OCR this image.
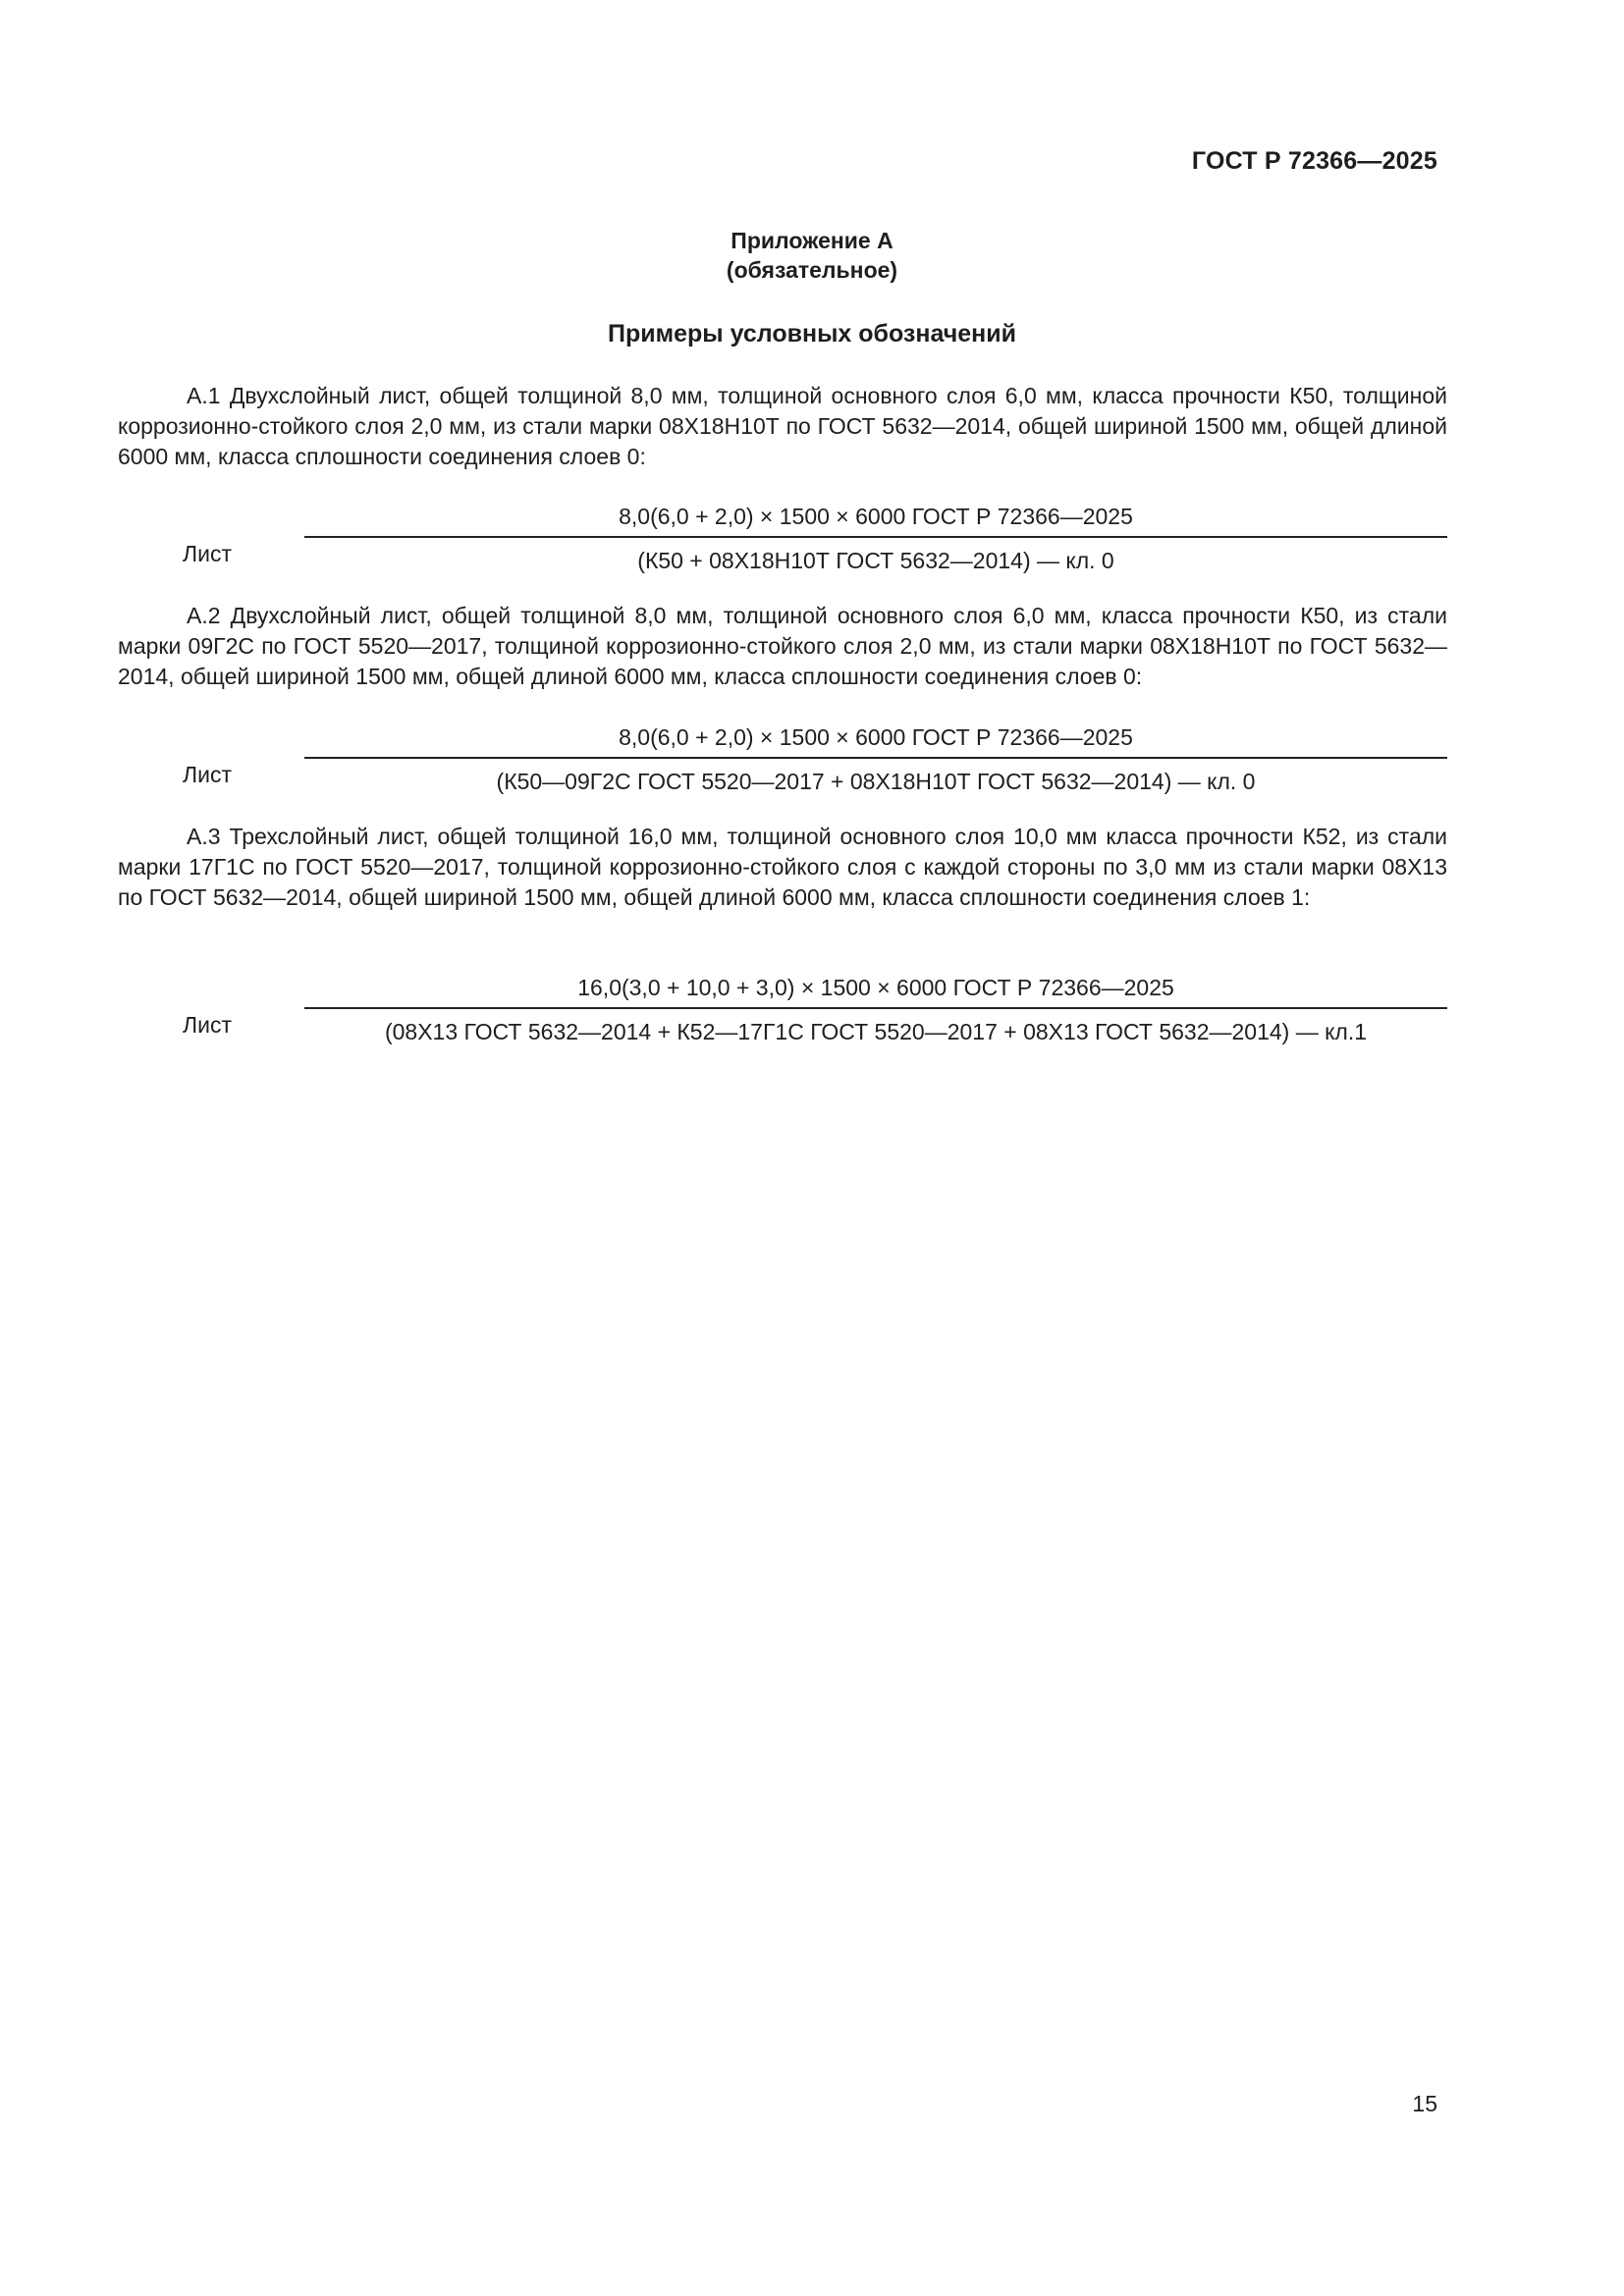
ГОСТ Р 72366—2025
Приложение А
(обязательное)
Примеры условных обозначений

А.1 Двухслойный лист, общей толщиной 8,0 мм, толщиной основного слоя 6,0 мм, класса прочности К50, толщиной коррозионно-стойкого слоя 2,0 мм, из стали марки 08Х18Н10Т по ГОСТ 5632—2014, общей шириной 1500 мм, общей длиной 6000 мм, класса сплошности соединения слоев 0:

Лист
8,0(6,0 + 2,0) × 1500 × 6000 ГОСТ Р 72366—2025
(К50 + 08Х18Н10Т ГОСТ 5632—2014) — кл. 0

А.2 Двухслойный лист, общей толщиной 8,0 мм, толщиной основного слоя 6,0 мм, класса прочности К50, из стали марки 09Г2С по ГОСТ 5520—2017, толщиной коррозионно-стойкого слоя 2,0 мм, из стали марки 08Х18Н10Т по ГОСТ 5632—2014, общей шириной 1500 мм, общей длиной 6000 мм, класса сплошности соединения слоев 0:

Лист
8,0(6,0 + 2,0) × 1500 × 6000 ГОСТ Р 72366—2025
(К50—09Г2С ГОСТ 5520—2017 + 08Х18Н10Т ГОСТ 5632—2014) — кл. 0

А.3 Трехслойный лист, общей толщиной 16,0 мм, толщиной основного слоя 10,0 мм класса прочности К52, из стали марки 17Г1С по ГОСТ 5520—2017, толщиной коррозионно-стойкого слоя с каждой стороны по 3,0 мм из стали марки 08Х13 по ГОСТ 5632—2014, общей шириной 1500 мм, общей длиной 6000 мм, класса сплошности соединения слоев 1:

Лист
16,0(3,0 + 10,0 + 3,0) × 1500 × 6000 ГОСТ Р 72366—2025
(08Х13 ГОСТ 5632—2014 + К52—17Г1С ГОСТ 5520—2017 + 08Х13 ГОСТ 5632—2014) — кл.1
15
